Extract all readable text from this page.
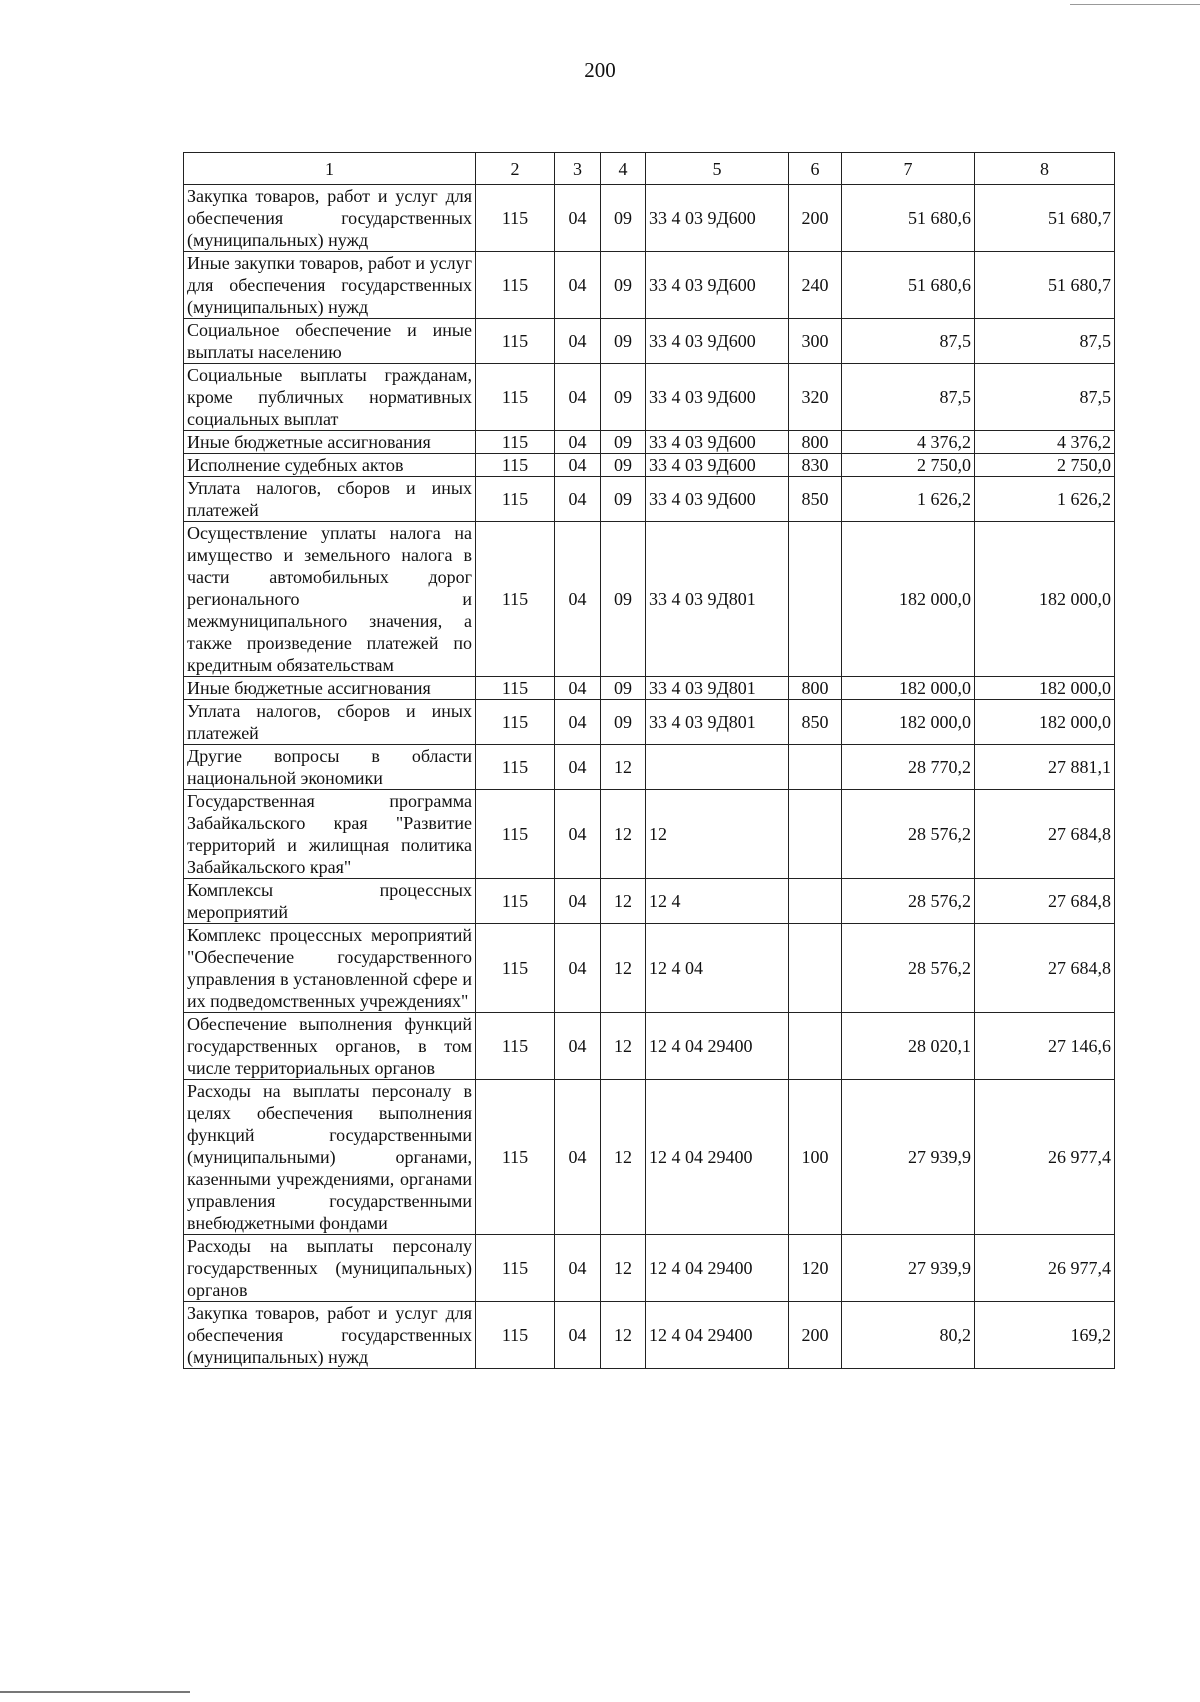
200
1	2	3	4	5	6	7	8
Закупка товаров, работ и услуг для обеспечения государственных (муниципальных) нужд	115	04	09	33 4 03 9Д600	200	51 680,6	51 680,7
Иные закупки товаров, работ и услуг для обеспечения государственных (муниципальных) нужд	115	04	09	33 4 03 9Д600	240	51 680,6	51 680,7
Социальное обеспечение и иные выплаты населению	115	04	09	33 4 03 9Д600	300	87,5	87,5
Социальные выплаты гражданам, кроме публичных нормативных социальных выплат	115	04	09	33 4 03 9Д600	320	87,5	87,5
Иные бюджетные ассигнования	115	04	09	33 4 03 9Д600	800	4 376,2	4 376,2
Исполнение судебных актов	115	04	09	33 4 03 9Д600	830	2 750,0	2 750,0
Уплата налогов, сборов и иных платежей	115	04	09	33 4 03 9Д600	850	1 626,2	1 626,2
Осуществление уплаты налога на имущество и земельного налога в части автомобильных дорог регионального и межмуниципального значения, а также произведение платежей по кредитным обязательствам	115	04	09	33 4 03 9Д801		182 000,0	182 000,0
Иные бюджетные ассигнования	115	04	09	33 4 03 9Д801	800	182 000,0	182 000,0
Уплата налогов, сборов и иных платежей	115	04	09	33 4 03 9Д801	850	182 000,0	182 000,0
Другие вопросы в области национальной экономики	115	04	12			28 770,2	27 881,1
Государственная программа Забайкальского края "Развитие территорий и жилищная политика Забайкальского края"	115	04	12	12		28 576,2	27 684,8
Комплексы процессных мероприятий	115	04	12	12 4		28 576,2	27 684,8
Комплекс процессных мероприятий "Обеспечение государственного управления в установленной сфере и их подведомственных учреждениях"	115	04	12	12 4 04		28 576,2	27 684,8
Обеспечение выполнения функций государственных органов, в том числе территориальных органов	115	04	12	12 4 04 29400		28 020,1	27 146,6
Расходы на выплаты персоналу в целях обеспечения выполнения функций государственными (муниципальными) органами, казенными учреждениями, органами управления государственными внебюджетными фондами	115	04	12	12 4 04 29400	100	27 939,9	26 977,4
Расходы на выплаты персоналу государственных (муниципальных) органов	115	04	12	12 4 04 29400	120	27 939,9	26 977,4
Закупка товаров, работ и услуг для обеспечения государственных (муниципальных) нужд	115	04	12	12 4 04 29400	200	80,2	169,2
